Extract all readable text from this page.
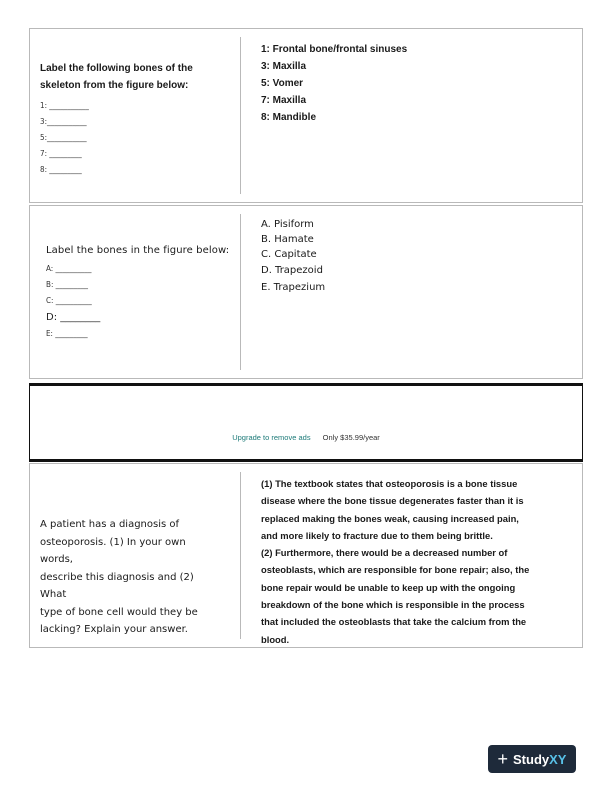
Label the following bones of the
skeleton from the figure below:
1: ___________
3:___________
5:___________
7: _________
8: _________
1: Frontal bone/frontal sinuses
3: Maxilla
5: Vomer
7: Maxilla
8: Mandible
Label the bones in the figure below:
A: __________
B: _________
C: __________
D: ________
E: _________
A. Pisiform
B. Hamate
C. Capitate
D. Trapezoid
E. Trapezium
Upgrade to remove ads Only $35.99/year
A patient has a diagnosis of
osteoporosis. (1) In your own words,
describe this diagnosis and (2) What
type of bone cell would they be
lacking? Explain your answer.
(1) The textbook states that osteoporosis is a bone tissue
disease where the bone tissue degenerates faster than it is
replaced making the bones weak, causing increased pain,
and more likely to fracture due to them being brittle.
(2) Furthermore, there would be a decreased number of
osteoblasts, which are responsible for bone repair; also, the
bone repair would be unable to keep up with the ongoing
breakdown of the bone which is responsible in the process
that included the osteoblasts that take the calcium from the
blood.
+ Study XY
